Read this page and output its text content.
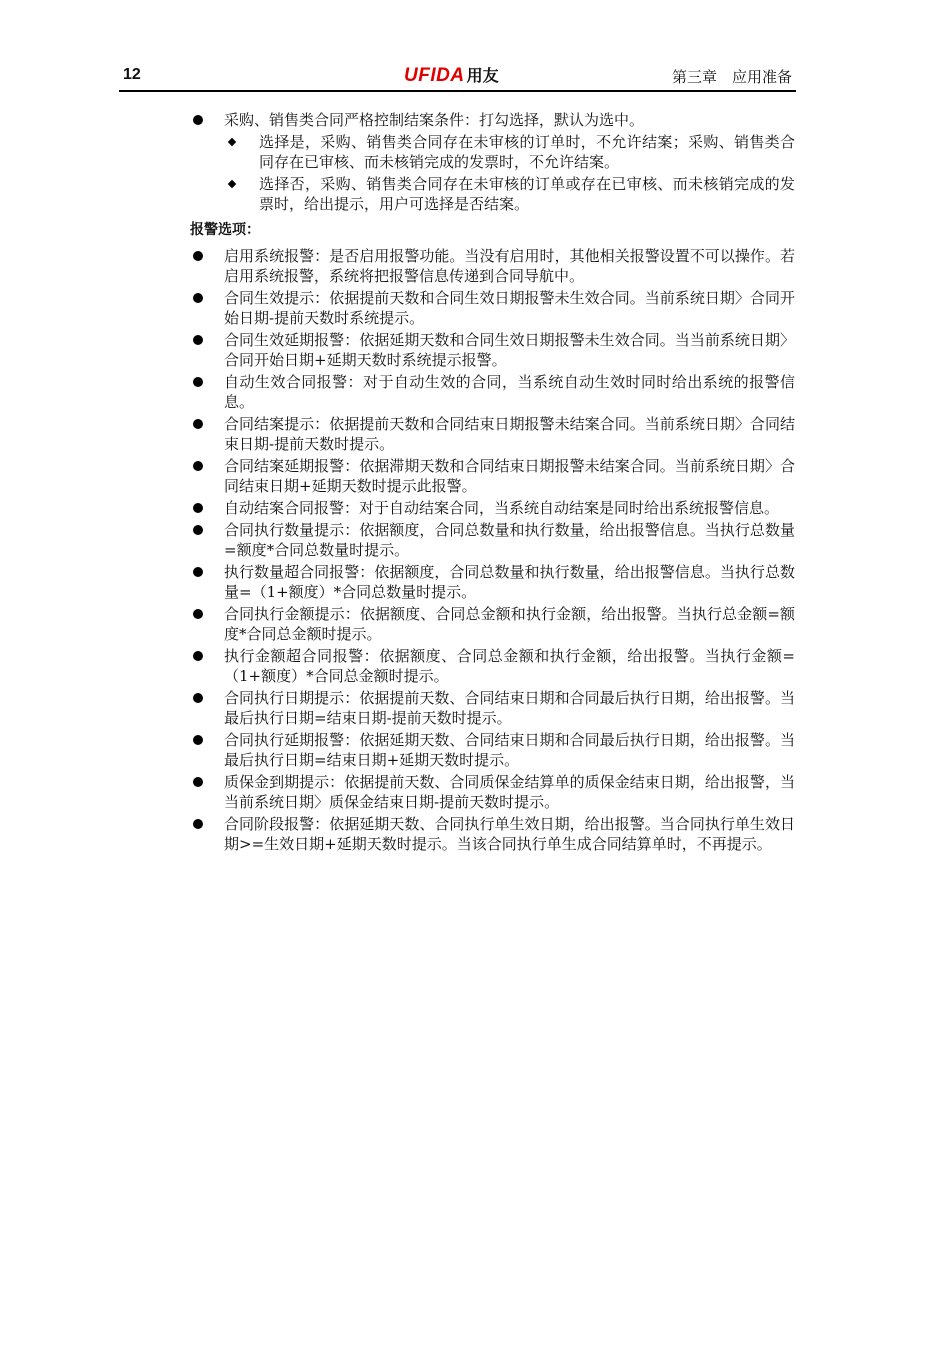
12	UFIDA 用友	第三章　应用准备
采购、销售类合同严格控制结案条件：打勾选择，默认为选中。
选择是，采购、销售类合同存在未审核的订单时，不允许结案；采购、销售类合同存在已审核、而未核销完成的发票时，不允许结案。
选择否，采购、销售类合同存在未审核的订单或存在已审核、而未核销完成的发票时，给出提示，用户可选择是否结案。
报警选项：
启用系统报警：是否启用报警功能。当没有启用时，其他相关报警设置不可以操作。若启用系统报警，系统将把报警信息传递到合同导航中。
合同生效提示：依据提前天数和合同生效日期报警未生效合同。当前系统日期〉合同开始日期-提前天数时系统提示。
合同生效延期报警：依据延期天数和合同生效日期报警未生效合同。当当前系统日期〉合同开始日期+延期天数时系统提示报警。
自动生效合同报警：对于自动生效的合同，当系统自动生效时同时给出系统的报警信息。
合同结案提示：依据提前天数和合同结束日期报警未结案合同。当前系统日期〉合同结束日期-提前天数时提示。
合同结案延期报警：依据滞期天数和合同结束日期报警未结案合同。当前系统日期〉合同结束日期+延期天数时提示此报警。
自动结案合同报警：对于自动结案合同，当系统自动结案是同时给出系统报警信息。
合同执行数量提示：依据额度，合同总数量和执行数量，给出报警信息。当执行总数量=额度*合同总数量时提示。
执行数量超合同报警：依据额度，合同总数量和执行数量，给出报警信息。当执行总数量=（1+额度）*合同总数量时提示。
合同执行金额提示：依据额度、合同总金额和执行金额，给出报警。当执行总金额=额度*合同总金额时提示。
执行金额超合同报警：依据额度、合同总金额和执行金额，给出报警。当执行金额=（1+额度）*合同总金额时提示。
合同执行日期提示：依据提前天数、合同结束日期和合同最后执行日期，给出报警。当最后执行日期=结束日期-提前天数时提示。
合同执行延期报警：依据延期天数、合同结束日期和合同最后执行日期，给出报警。当最后执行日期=结束日期+延期天数时提示。
质保金到期提示：依据提前天数、合同质保金结算单的质保金结束日期，给出报警，当当前系统日期〉质保金结束日期-提前天数时提示。
合同阶段报警：依据延期天数、合同执行单生效日期，给出报警。当合同执行单生效日期>=生效日期+延期天数时提示。当该合同执行单生成合同结算单时，不再提示。
